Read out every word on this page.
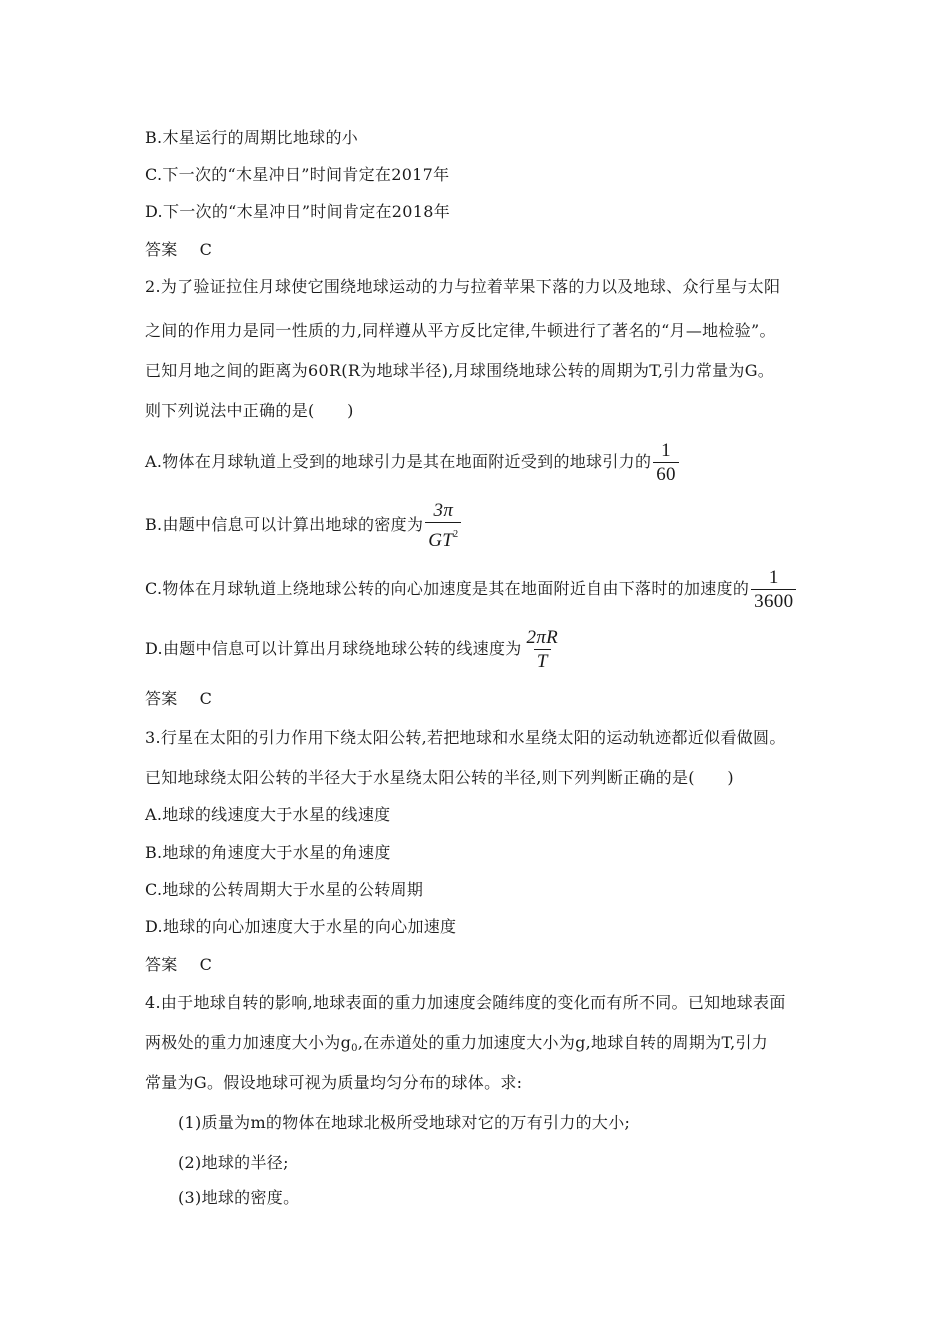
B.木星运行的周期比地球的小
C.下一次的“木星冲日”时间肯定在2017年
D.下一次的“木星冲日”时间肯定在2018年
答案 C
2.为了验证拉住月球使它围绕地球运动的力与拉着苹果下落的力以及地球、众行星与太阳
之间的作用力是同一性质的力,同样遵从平方反比定律,牛顿进行了著名的“月—地检验”。
已知月地之间的距离为60R(R为地球半径),月球围绕地球公转的周期为T,引力常量为G。
则下列说法中正确的是(　　)
A.物体在月球轨道上受到的地球引力是其在地面附近受到的地球引力的 $\frac{1}{60}$
B.由题中信息可以计算出地球的密度为 $\frac{3\pi}{GT^2}$
C.物体在月球轨道上绕地球公转的向心加速度是其在地面附近自由下落时的加速度的 $\frac{1}{3600}$
D.由题中信息可以计算出月球绕地球公转的线速度为 $\frac{2\pi R}{T}$
答案 C
3.行星在太阳的引力作用下绕太阳公转,若把地球和水星绕太阳的运动轨迹都近似看做圆。
已知地球绕太阳公转的半径大于水星绕太阳公转的半径,则下列判断正确的是(　　)
A.地球的线速度大于水星的线速度
B.地球的角速度大于水星的角速度
C.地球的公转周期大于水星的公转周期
D.地球的向心加速度大于水星的向心加速度
答案 C
4.由于地球自转的影响,地球表面的重力加速度会随纬度的变化而有所不同。已知地球表面
两极处的重力加速度大小为$g_0$,在赤道处的重力加速度大小为g,地球自转的周期为T,引力
常量为G。假设地球可视为质量均匀分布的球体。求:
(1)质量为m的物体在地球北极所受地球对它的万有引力的大小;
(2)地球的半径;
(3)地球的密度。
